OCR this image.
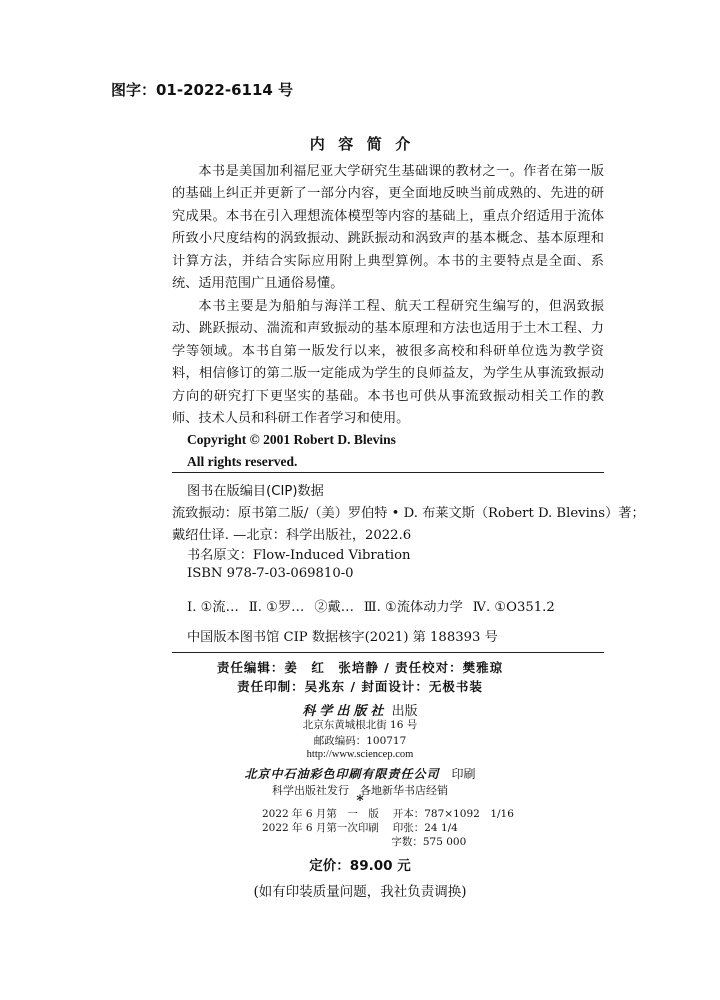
图字：01-2022-6114 号
内容简介

本书是美国加利福尼亚大学研究生基础课的教材之一。作者在第一版的基础上纠正并更新了一部分内容，更全面地反映当前成熟的、先进的研究成果。本书在引入理想流体模型等内容的基础上，重点介绍适用于流体所致小尺度结构的涡致振动、跳跃振动和涡致声的基本概念、基本原理和计算方法，并结合实际应用附上典型算例。本书的主要特点是全面、系统、适用范围广且通俗易懂。

本书主要是为船舶与海洋工程、航天工程研究生编写的，但涡致振动、跳跃振动、湍流和声致振动的基本原理和方法也适用于土木工程、力学等领域。本书自第一版发行以来，被很多高校和科研单位选为教学资料，相信修订的第二版一定能成为学生的良师益友，为学生从事流致振动方向的研究打下更坚实的基础。本书也可供从事流致振动相关工作的教师、技术人员和科研工作者学习和使用。

Copyright © 2001 Robert D. Blevins
All rights reserved.
图书在版编目(CIP)数据
流致振动：原书第二版/（美）罗伯特 • D. 布莱文斯（Robert D. Blevins）著；
戴绍仕译. —北京：科学出版社，2022.6
书名原文：Flow-Induced Vibration
ISBN 978-7-03-069810-0
Ⅰ. ①流… Ⅱ. ①罗… ②戴… Ⅲ. ①流体动力学 Ⅳ. ①O351.2
中国版本图书馆 CIP 数据核字(2021) 第 188393 号
责任编辑：姜　红　张培静 / 责任校对：樊雅琼
责任印制：吴兆东 / 封面设计：无极书装
科学出版社 出版
北京东黄城根北街 16 号
邮政编码：100717
http://www.sciencep.com
北京中石油彩色印刷有限责任公司　 印刷
科学出版社发行　各地新华书店经销
*
2022 年 6 月第　一　版　 开本：787×1092　1/16
2022 年 6 月第一次印刷　 印张：24 1/4
　　　　　　　　　　　　 字数：575 000
定价：89.00 元
(如有印装质量问题，我社负责调换)
